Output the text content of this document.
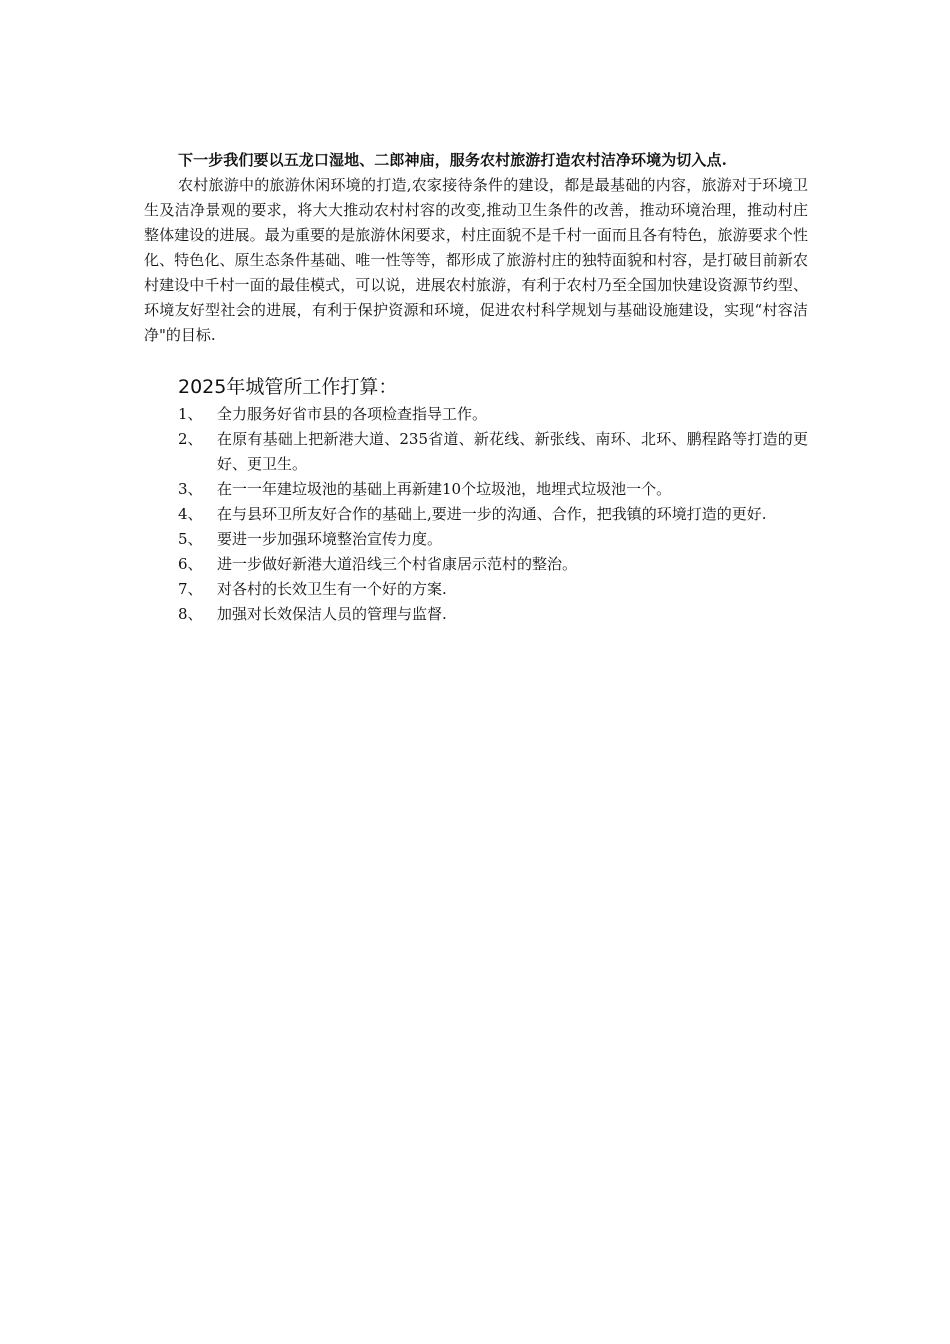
下一步我们要以五龙口湿地、二郎神庙，服务农村旅游打造农村洁净环境为切入点.

农村旅游中的旅游休闲环境的打造,农家接待条件的建设，都是最基础的内容，旅游对于环境卫生及洁净景观的要求，将大大推动农村村容的改变,推动卫生条件的改善，推动环境治理，推动村庄整体建设的进展。最为重要的是旅游休闲要求，村庄面貌不是千村一面而且各有特色，旅游要求个性化、特色化、原生态条件基础、唯一性等等，都形成了旅游村庄的独特面貌和村容，是打破目前新农村建设中千村一面的最佳模式，可以说，进展农村旅游，有利于农村乃至全国加快建设资源节约型、环境友好型社会的进展，有利于保护资源和环境，促进农村科学规划与基础设施建设，实现“村容洁净"的目标.

2025年城管所工作打算：
1、 全力服务好省市县的各项检查指导工作。
2、 在原有基础上把新港大道、235省道、新花线、新张线、南环、北环、鹏程路等打造的更好、更卫生。
3、 在一一年建垃圾池的基础上再新建10个垃圾池，地埋式垃圾池一个。
4、 在与县环卫所友好合作的基础上,要进一步的沟通、合作，把我镇的环境打造的更好.
5、 要进一步加强环境整治宣传力度。
6、 进一步做好新港大道沿线三个村省康居示范村的整治。
7、 对各村的长效卫生有一个好的方案.
8、 加强对长效保洁人员的管理与监督.
